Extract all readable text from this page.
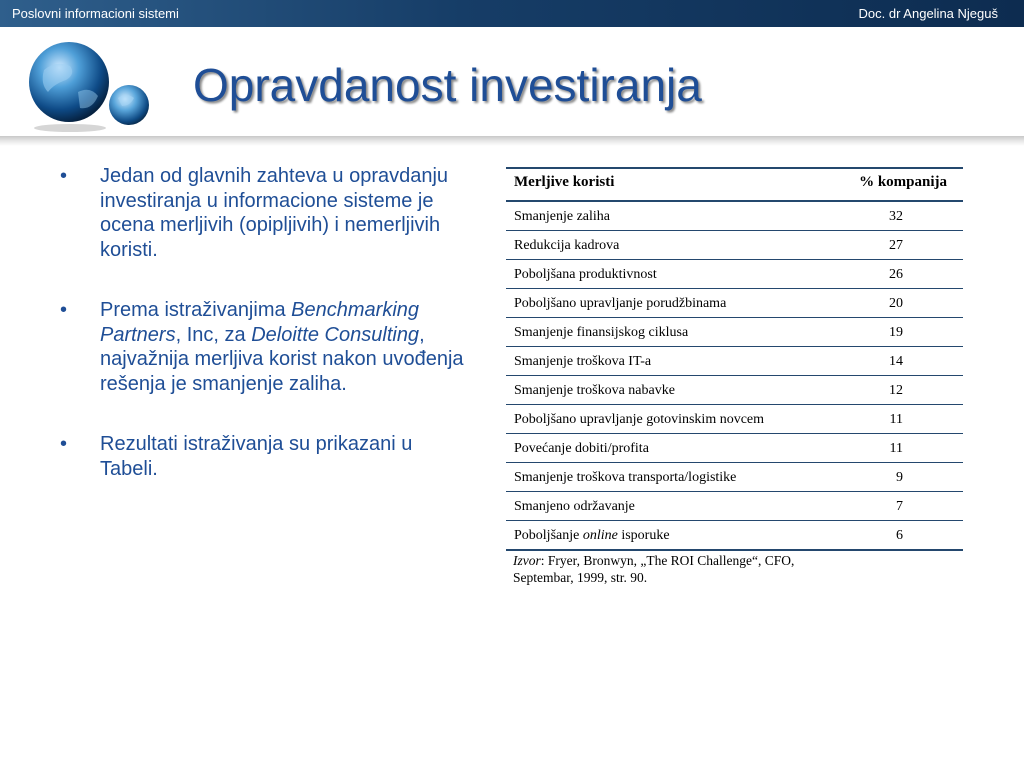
Poslovni informacioni sistemi	Doc. dr Angelina Njeguš
Opravdanost investiranja
• Jedan od glavnih zahteva u opravdanju investiranja u informacione sisteme je ocena merljivih (opipljivih) i nemerljivih koristi.
• Prema istraživanjima Benchmarking Partners, Inc, za Deloitte Consulting, najvažnija merljiva korist nakon uvođenja rešenja je smanjenje zaliha.
• Rezultati istraživanja su prikazani u Tabeli.
Merljive koristi	% kompanija
Smanjenje zaliha	32
Redukcija kadrova	27
Poboljšana produktivnost	26
Poboljšano upravljanje porudžbinama	20
Smanjenje finansijskog ciklusa	19
Smanjenje troškova IT-a	14
Smanjenje troškova nabavke	12
Poboljšano upravljanje gotovinskim novcem	11
Povećanje dobiti/profita	11
Smanjenje troškova transporta/logistike	9
Smanjeno održavanje	7
Poboljšanje online isporuke	6
Izvor: Fryer, Bronwyn, „The ROI Challenge“, CFO, Septembar, 1999, str. 90.
